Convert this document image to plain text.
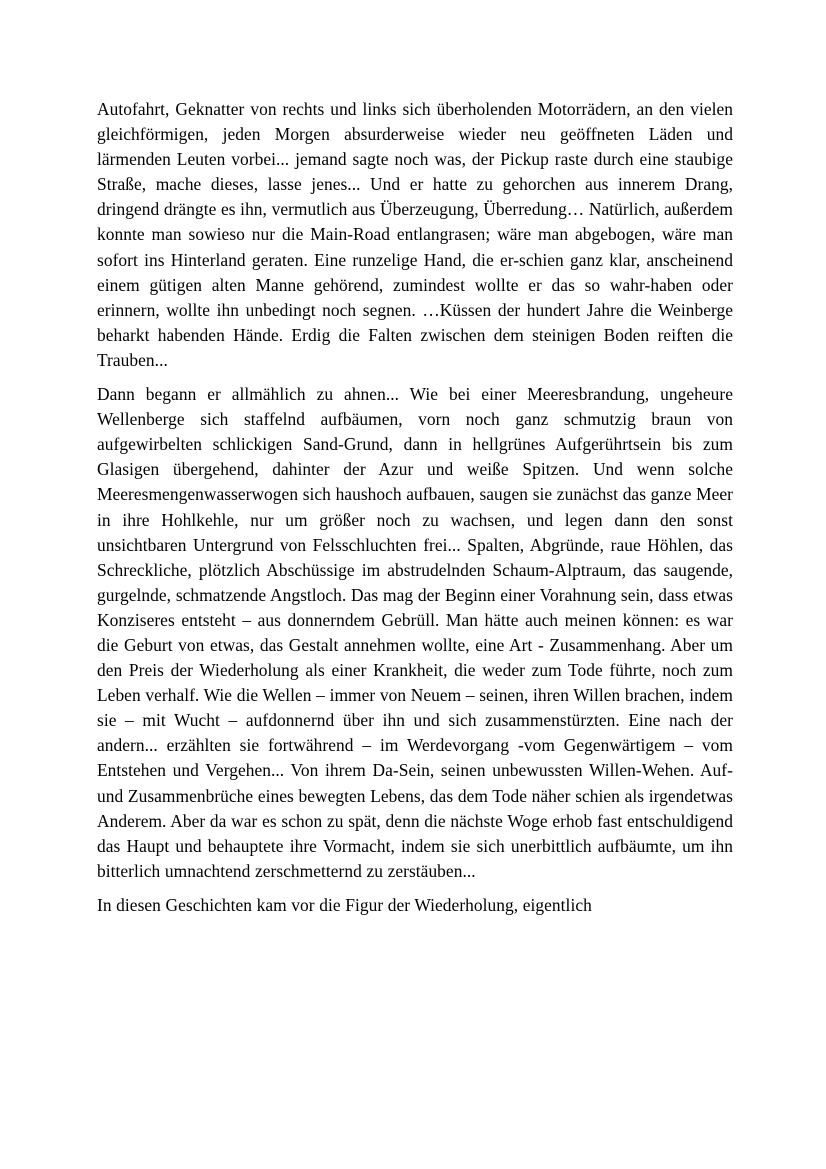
Autofahrt, Geknatter von rechts und links sich überholenden Motorrädern, an den vielen gleichförmigen, jeden Morgen absurderweise wieder neu geöffneten Läden und lärmenden Leuten vorbei... jemand sagte noch was, der Pickup raste durch eine staubige Straße, mache dieses, lasse jenes... Und er hatte zu gehorchen aus innerem Drang, dringend drängte es ihn, vermutlich aus Überzeugung, Überredung… Natürlich, außerdem konnte man sowieso nur die Main-Road entlangrasen; wäre man abgebogen, wäre man sofort ins Hinterland geraten. Eine runzelige Hand, die er-schien ganz klar, anscheinend einem gütigen alten Manne gehörend, zumindest wollte er das so wahr-haben oder erinnern, wollte ihn unbedingt noch segnen. …Küssen der hundert Jahre die Weinberge beharkt habenden Hände. Erdig die Falten zwischen dem steinigen Boden reiften die Trauben...

Dann begann er allmählich zu ahnen... Wie bei einer Meeresbrandung, ungeheure Wellenberge sich staffelnd aufbäumen, vorn noch ganz schmutzig braun von aufgewirbelten schlickigen Sand-Grund, dann in hellgrünes Aufgerührtsein bis zum Glasigen übergehend, dahinter der Azur und weiße Spitzen. Und wenn solche Meeresmengenwasserwogen sich haushoch aufbauen, saugen sie zunächst das ganze Meer in ihre Hohlkehle, nur um größer noch zu wachsen, und legen dann den sonst unsichtbaren Untergrund von Felsschluchten frei... Spalten, Abgründe, raue Höhlen, das Schreckliche, plötzlich Abschüssige im abstrudelnden Schaum-Alptraum, das saugende, gurgelnde, schmatzende Angstloch. Das mag der Beginn einer Vorahnung sein, dass etwas Konziseres entsteht – aus donnerndem Gebrüll. Man hätte auch meinen können: es war die Geburt von etwas, das Gestalt annehmen wollte, eine Art - Zusammenhang. Aber um den Preis der Wiederholung als einer Krankheit, die weder zum Tode führte, noch zum Leben verhalf. Wie die Wellen – immer von Neuem – seinen, ihren Willen brachen, indem sie – mit Wucht – aufdonnernd über ihn und sich zusammenstürzten. Eine nach der andern... erzählten sie fortwährend – im Werdevorgang -vom Gegenwärtigem – vom Entstehen und Vergehen... Von ihrem Da-Sein, seinen unbewussten Willen-Wehen. Auf- und Zusammenbrüche eines bewegten Lebens, das dem Tode näher schien als irgendetwas Anderem. Aber da war es schon zu spät, denn die nächste Woge erhob fast entschuldigend das Haupt und behauptete ihre Vormacht, indem sie sich unerbittlich aufbäumte, um ihn bitterlich umnachtend zerschmetternd zu zerstäuben...

In diesen Geschichten kam vor die Figur der Wiederholung, eigentlich
